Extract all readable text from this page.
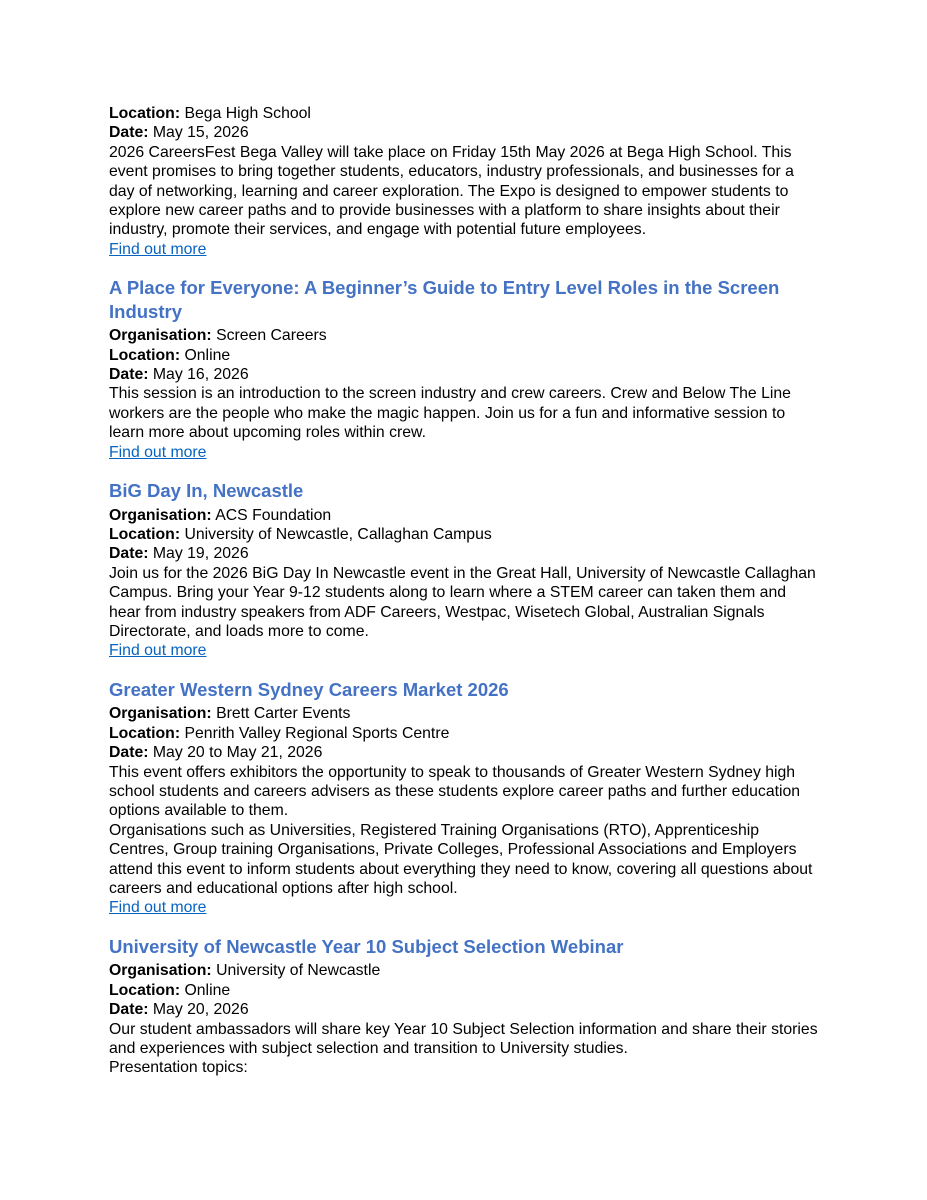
Location: Bega High School

Date: May 15, 2026

2026 CareersFest Bega Valley will take place on Friday 15th May 2026 at Bega High School. This event promises to bring together students, educators, industry professionals, and businesses for a day of networking, learning and career exploration. The Expo is designed to empower students to explore new career paths and to provide businesses with a platform to share insights about their industry, promote their services, and engage with potential future employees.

Find out more

A Place for Everyone: A Beginner’s Guide to Entry Level Roles in the Screen Industry

Organisation: Screen Careers

Location: Online

Date: May 16, 2026

This session is an introduction to the screen industry and crew careers. Crew and Below The Line workers are the people who make the magic happen. Join us for a fun and informative session to learn more about upcoming roles within crew.

Find out more

BiG Day In, Newcastle

Organisation: ACS Foundation

Location: University of Newcastle, Callaghan Campus

Date: May 19, 2026

Join us for the 2026 BiG Day In Newcastle event in the Great Hall, University of Newcastle Callaghan Campus. Bring your Year 9-12 students along to learn where a STEM career can taken them and hear from industry speakers from ADF Careers, Westpac, Wisetech Global, Australian Signals Directorate, and loads more to come.

Find out more

Greater Western Sydney Careers Market 2026

Organisation: Brett Carter Events

Location: Penrith Valley Regional Sports Centre

Date: May 20 to May 21, 2026

This event offers exhibitors the opportunity to speak to thousands of Greater Western Sydney high school students and careers advisers as these students explore career paths and further education options available to them.

Organisations such as Universities, Registered Training Organisations (RTO), Apprenticeship Centres, Group training Organisations, Private Colleges, Professional Associations and Employers attend this event to inform students about everything they need to know, covering all questions about careers and educational options after high school.

Find out more

University of Newcastle Year 10 Subject Selection Webinar

Organisation: University of Newcastle

Location: Online

Date: May 20, 2026

Our student ambassadors will share key Year 10 Subject Selection information and share their stories and experiences with subject selection and transition to University studies.

Presentation topics:
